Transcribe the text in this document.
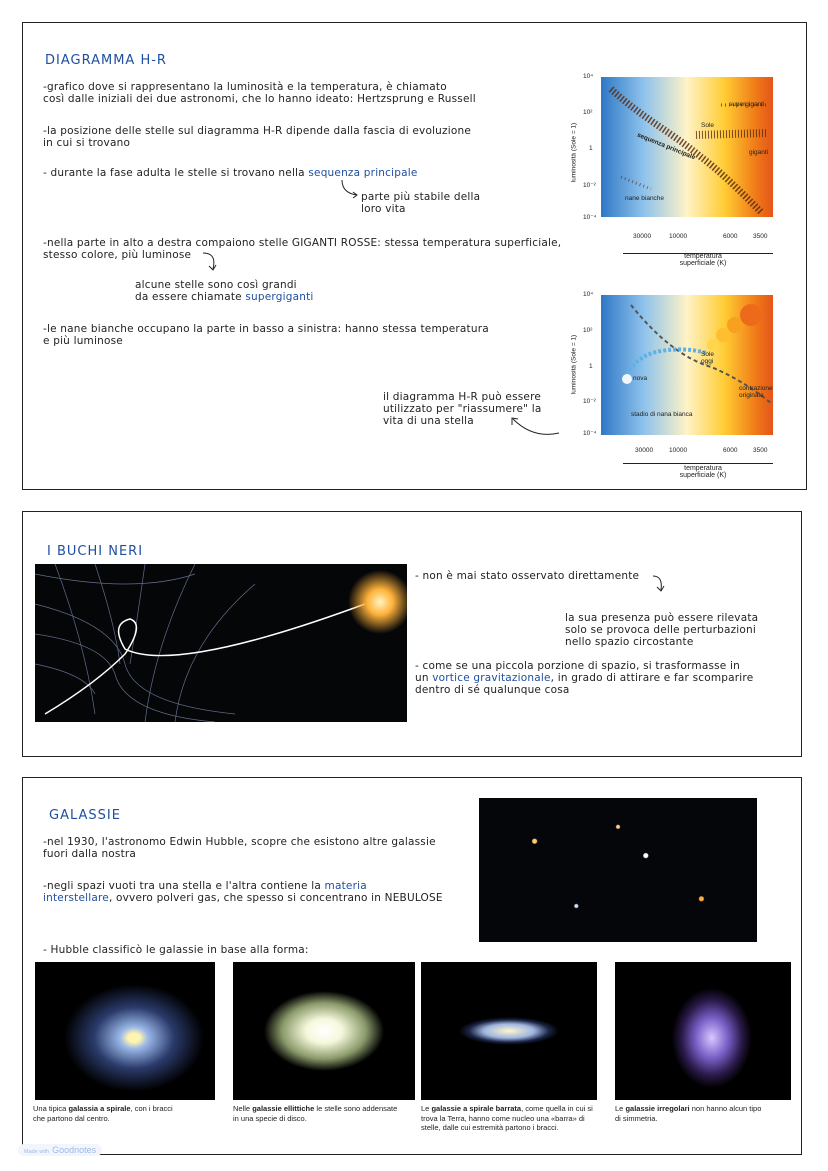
DIAGRAMMA H-R
-grafico dove si rappresentano la luminosità e la temperatura, è chiamato
così dalle iniziali dei due astronomi, che lo hanno ideato: Hertzsprung e Russell
-la posizione delle stelle sul diagramma H-R dipende dalla fascia di evoluzione
in cui si trovano
- durante la fase adulta le stelle si trovano nella sequenza principale
parte più stabile della
loro vita
-nella parte in alto a destra compaiono stelle GIGANTI ROSSE: stessa temperatura superficiale,
stesso colore, più luminose
alcune stelle sono così grandi
da essere chiamate supergiganti
-le nane bianche occupano la parte in basso a sinistra: hanno stessa temperatura
e più luminose
il diagramma H-R può essere
utilizzato per "riassumere" la
vita di una stella
luminosità (Sole = 1)
supergiganti
Sole
giganti
sequenza principale
nane bianche
10⁴
10²
1
10⁻²
10⁻⁴
30000	10000	6000 3500
temperatura
superficiale (K)
luminosità (Sole = 1)	Sole
oggi
nova
contrazione
originale
stadio di nana bianca
10⁴
10²
1
10⁻²
10⁻⁴
30000 10000	6000 3500
temperatura
superficiale (K)
I BUCHI NERI
- non è mai stato osservato direttamente
la sua presenza può essere rilevata
solo se provoca delle perturbazioni
nello spazio circostante
- come se una piccola porzione di spazio, si trasformasse in
un vortice gravitazionale, in grado di attirare e far scomparire
dentro di sé qualunque cosa
GALASSIE
-nel 1930, l'astronomo Edwin Hubble, scopre che esistono altre galassie
fuori dalla nostra
-negli spazi vuoti tra una stella e l'altra contiene la materia
interstellare, ovvero polveri gas, che spesso si concentrano in NEBULOSE
- Hubble classificò le galassie in base alla forma:
Una tipica galassia a spirale, con i bracci
che partono dal centro.
Nelle galassie ellittiche le stelle sono addensate
in una specie di disco.
Le galassie a spirale barrata, come quella in cui si
trova la Terra, hanno come nucleo una «barra» di
stelle, dalle cui estremità partono i bracci.
Le galassie irregolari non hanno alcun tipo
di simmetria.
Made with Goodnotes
